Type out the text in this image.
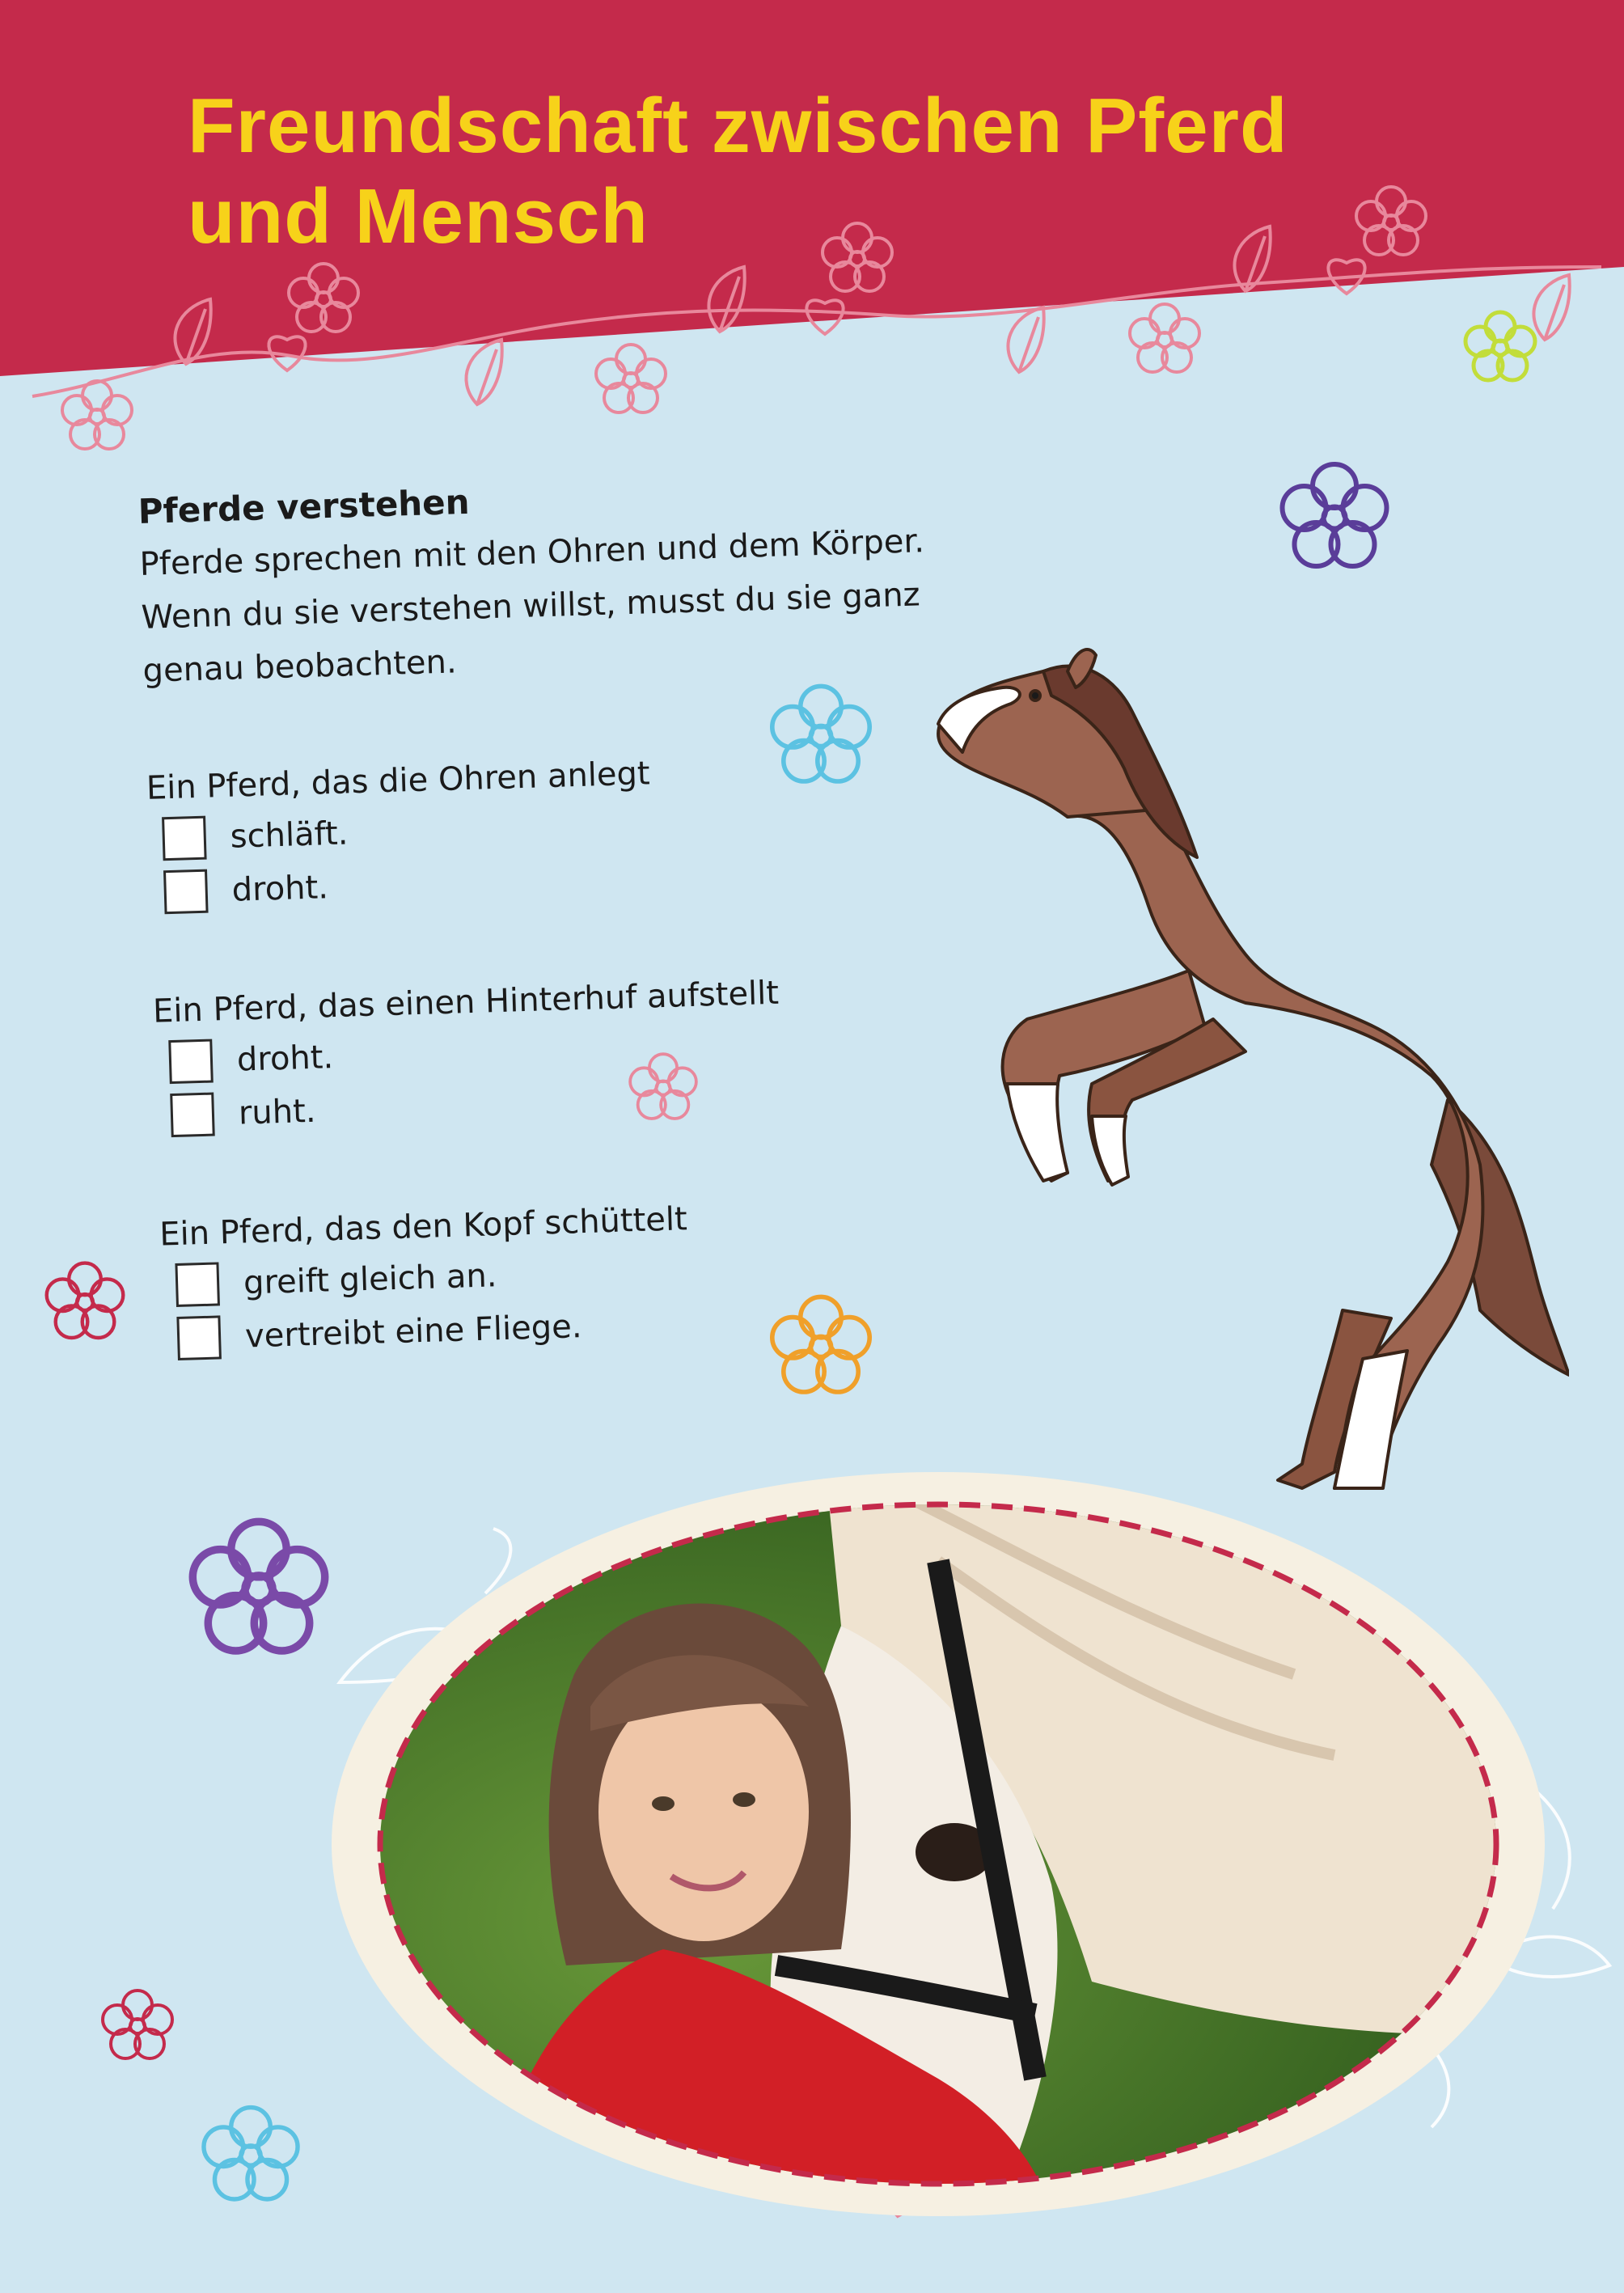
Freundschaft zwischen Pferd
und Mensch
Pferde verstehen

Pferde sprechen mit den Ohren und dem Körper.
Wenn du sie verstehen willst, musst du sie ganz
genau beobachten.

Ein Pferd, das die Ohren anlegt

schläft.
droht.

Ein Pferd, das einen Hinterhuf aufstellt

droht.
ruht.

Ein Pferd, das den Kopf schüttelt

greift gleich an.
vertreibt eine Fliege.
